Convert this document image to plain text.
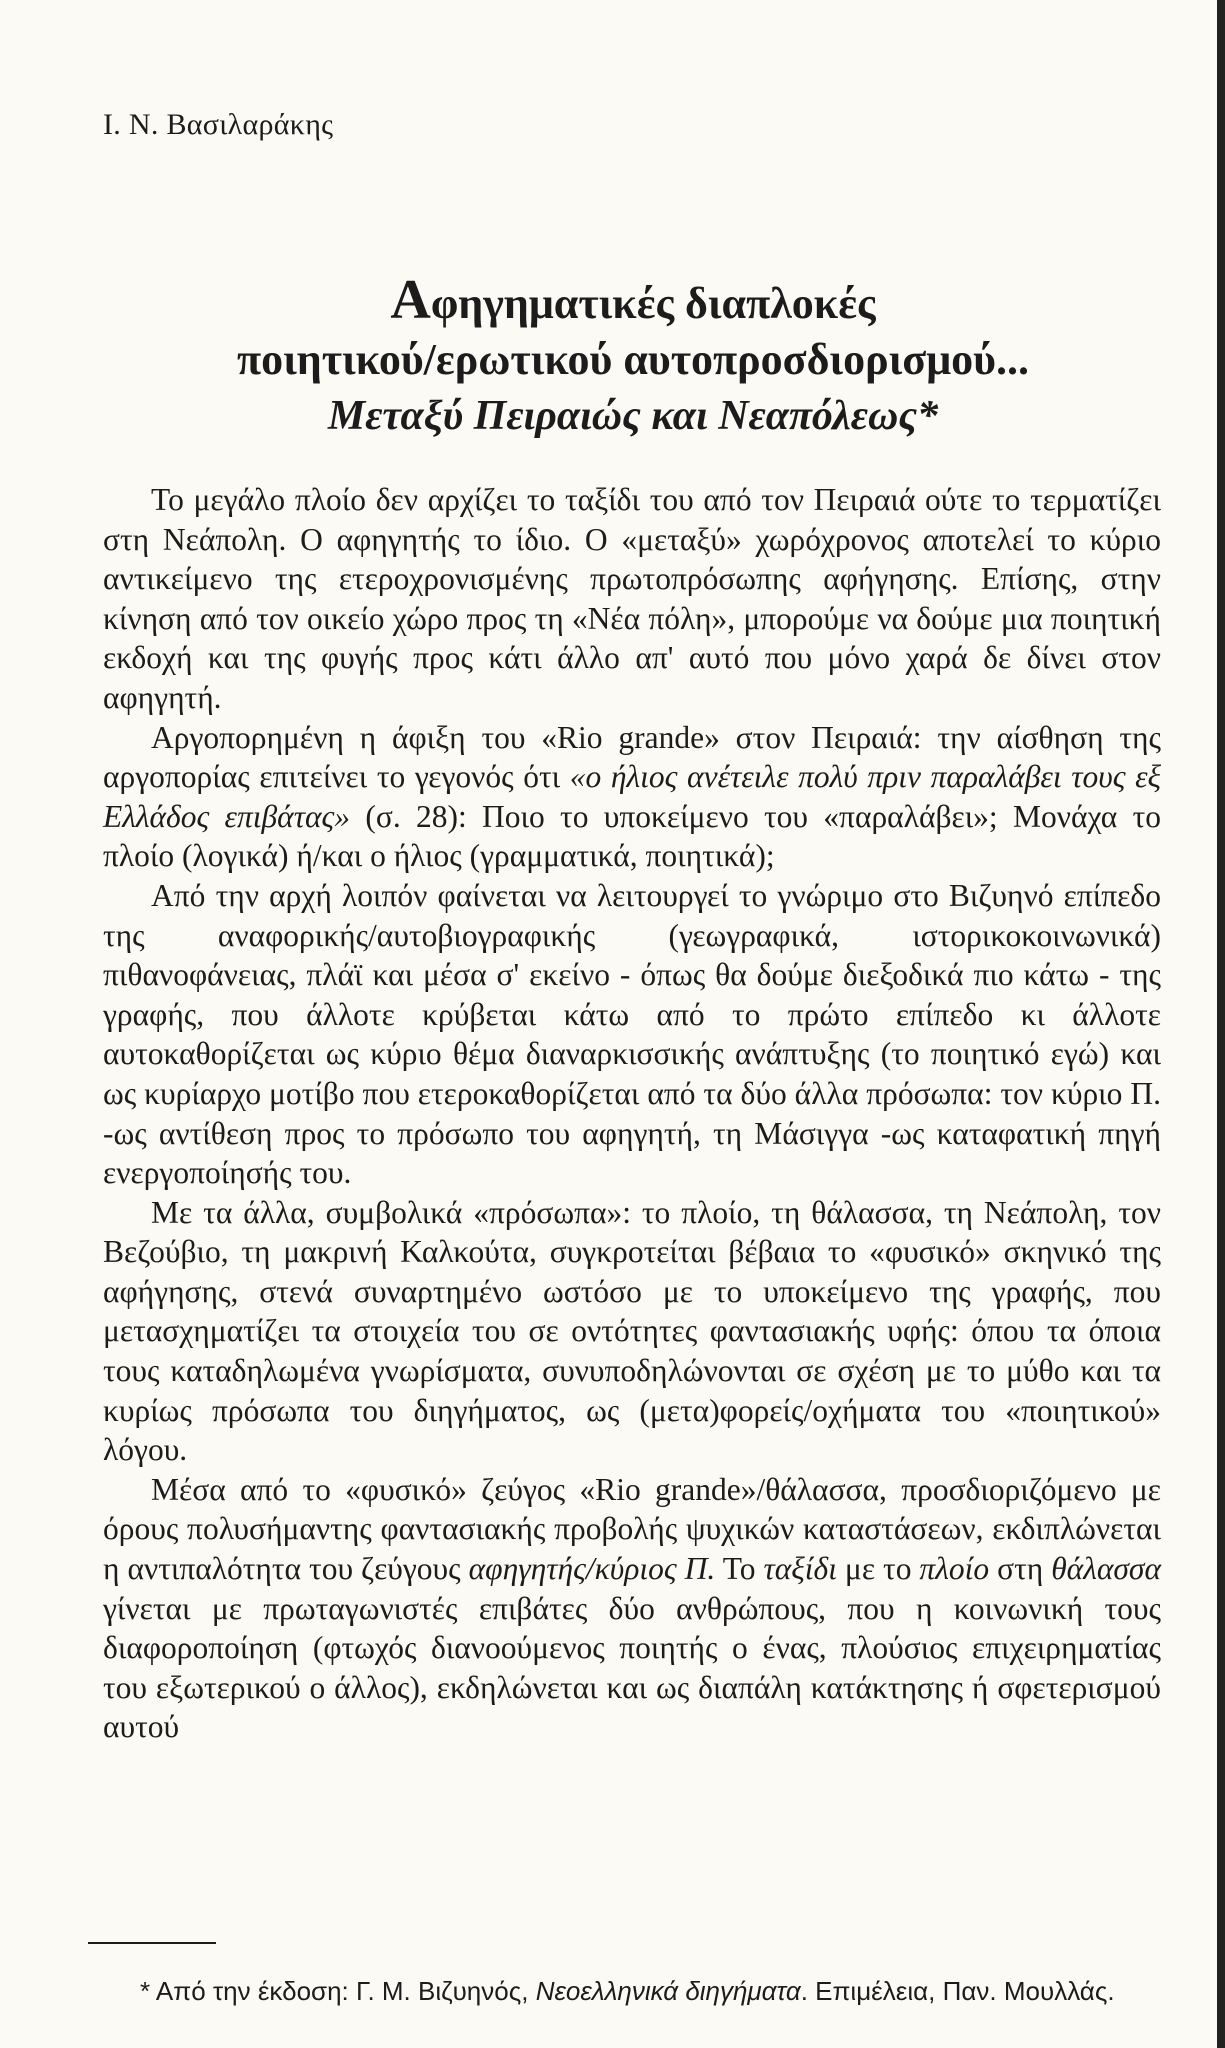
Ι. Ν. Βασιλαράκης

Αφηγηματικές διαπλοκές

ποιητικού/ερωτικού αυτοπροσδιορισμού...

Μεταξύ Πειραιώς και Νεαπόλεως*

Το μεγάλο πλοίο δεν αρχίζει το ταξίδι του από τον Πειραιά ούτε το τερματίζει στη Νεάπολη. Ο αφηγητής το ίδιο. Ο «μεταξύ» χωρόχρονος αποτελεί το κύριο αντικείμενο της ετεροχρονισμένης πρωτοπρόσωπης αφήγησης. Επίσης, στην κίνηση από τον οικείο χώρο προς τη «Νέα πόλη», μπορούμε να δούμε μια ποιητική εκδοχή και της φυγής προς κάτι άλλο απ' αυτό που μόνο χαρά δε δίνει στον αφηγητή.

Αργοπορημένη η άφιξη του «Rio grande» στον Πειραιά: την αίσθηση της αργοπορίας επιτείνει το γεγονός ότι «ο ήλιος ανέτειλε πολύ πριν παραλάβει τους εξ Ελλάδος επιβάτας» (σ. 28): Ποιο το υποκείμενο του «παραλάβει»; Μονάχα το πλοίο (λογικά) ή/και ο ήλιος (γραμματικά, ποιητικά);

Από την αρχή λοιπόν φαίνεται να λειτουργεί το γνώριμο στο Βιζυηνό επίπεδο της αναφορικής/αυτοβιογραφικής (γεωγραφικά, ιστορικοκοινωνικά) πιθανοφάνειας, πλάϊ και μέσα σ' εκείνο - όπως θα δούμε διεξοδικά πιο κάτω - της γραφής, που άλλοτε κρύβεται κάτω από το πρώτο επίπεδο κι άλλοτε αυτοκαθορίζεται ως κύριο θέμα διαναρκισσικής ανάπτυξης (το ποιητικό εγώ) και ως κυρίαρχο μοτίβο που ετεροκαθορίζεται από τα δύο άλλα πρόσωπα: τον κύριο Π. -ως αντίθεση προς το πρόσωπο του αφηγητή, τη Μάσιγγα -ως καταφατική πηγή ενεργοποίησής του.

Με τα άλλα, συμβολικά «πρόσωπα»: το πλοίο, τη θάλασσα, τη Νεάπολη, τον Βεζούβιο, τη μακρινή Καλκούτα, συγκροτείται βέβαια το «φυσικό» σκηνικό της αφήγησης, στενά συναρτημένο ωστόσο με το υποκείμενο της γραφής, που μετασχηματίζει τα στοιχεία του σε οντότητες φαντασιακής υφής: όπου τα όποια τους καταδηλωμένα γνωρίσματα, συνυποδηλώνονται σε σχέση με το μύθο και τα κυρίως πρόσωπα του διηγήματος, ως (μετα)φορείς/οχήματα του «ποιητικού» λόγου.

Μέσα από το «φυσικό» ζεύγος «Rio grande»/θάλασσα, προσδιοριζόμενο με όρους πολυσήμαντης φαντασιακής προβολής ψυχικών καταστάσεων, εκδιπλώνεται η αντιπαλότητα του ζεύγους αφηγητής/κύριος Π. Το ταξίδι με το πλοίο στη θάλασσα γίνεται με πρωταγωνιστές επιβάτες δύο ανθρώπους, που η κοινωνική τους διαφοροποίηση (φτωχός διανοούμενος ποιητής ο ένας, πλούσιος επιχειρηματίας του εξωτερικού ο άλλος), εκδηλώνεται και ως διαπάλη κατάκτησης ή σφετερισμού αυτού

* Από την έκδοση: Γ. Μ. Βιζυηνός, Νεοελληνικά διηγήματα. Επιμέλεια, Παν. Μουλλάς.
